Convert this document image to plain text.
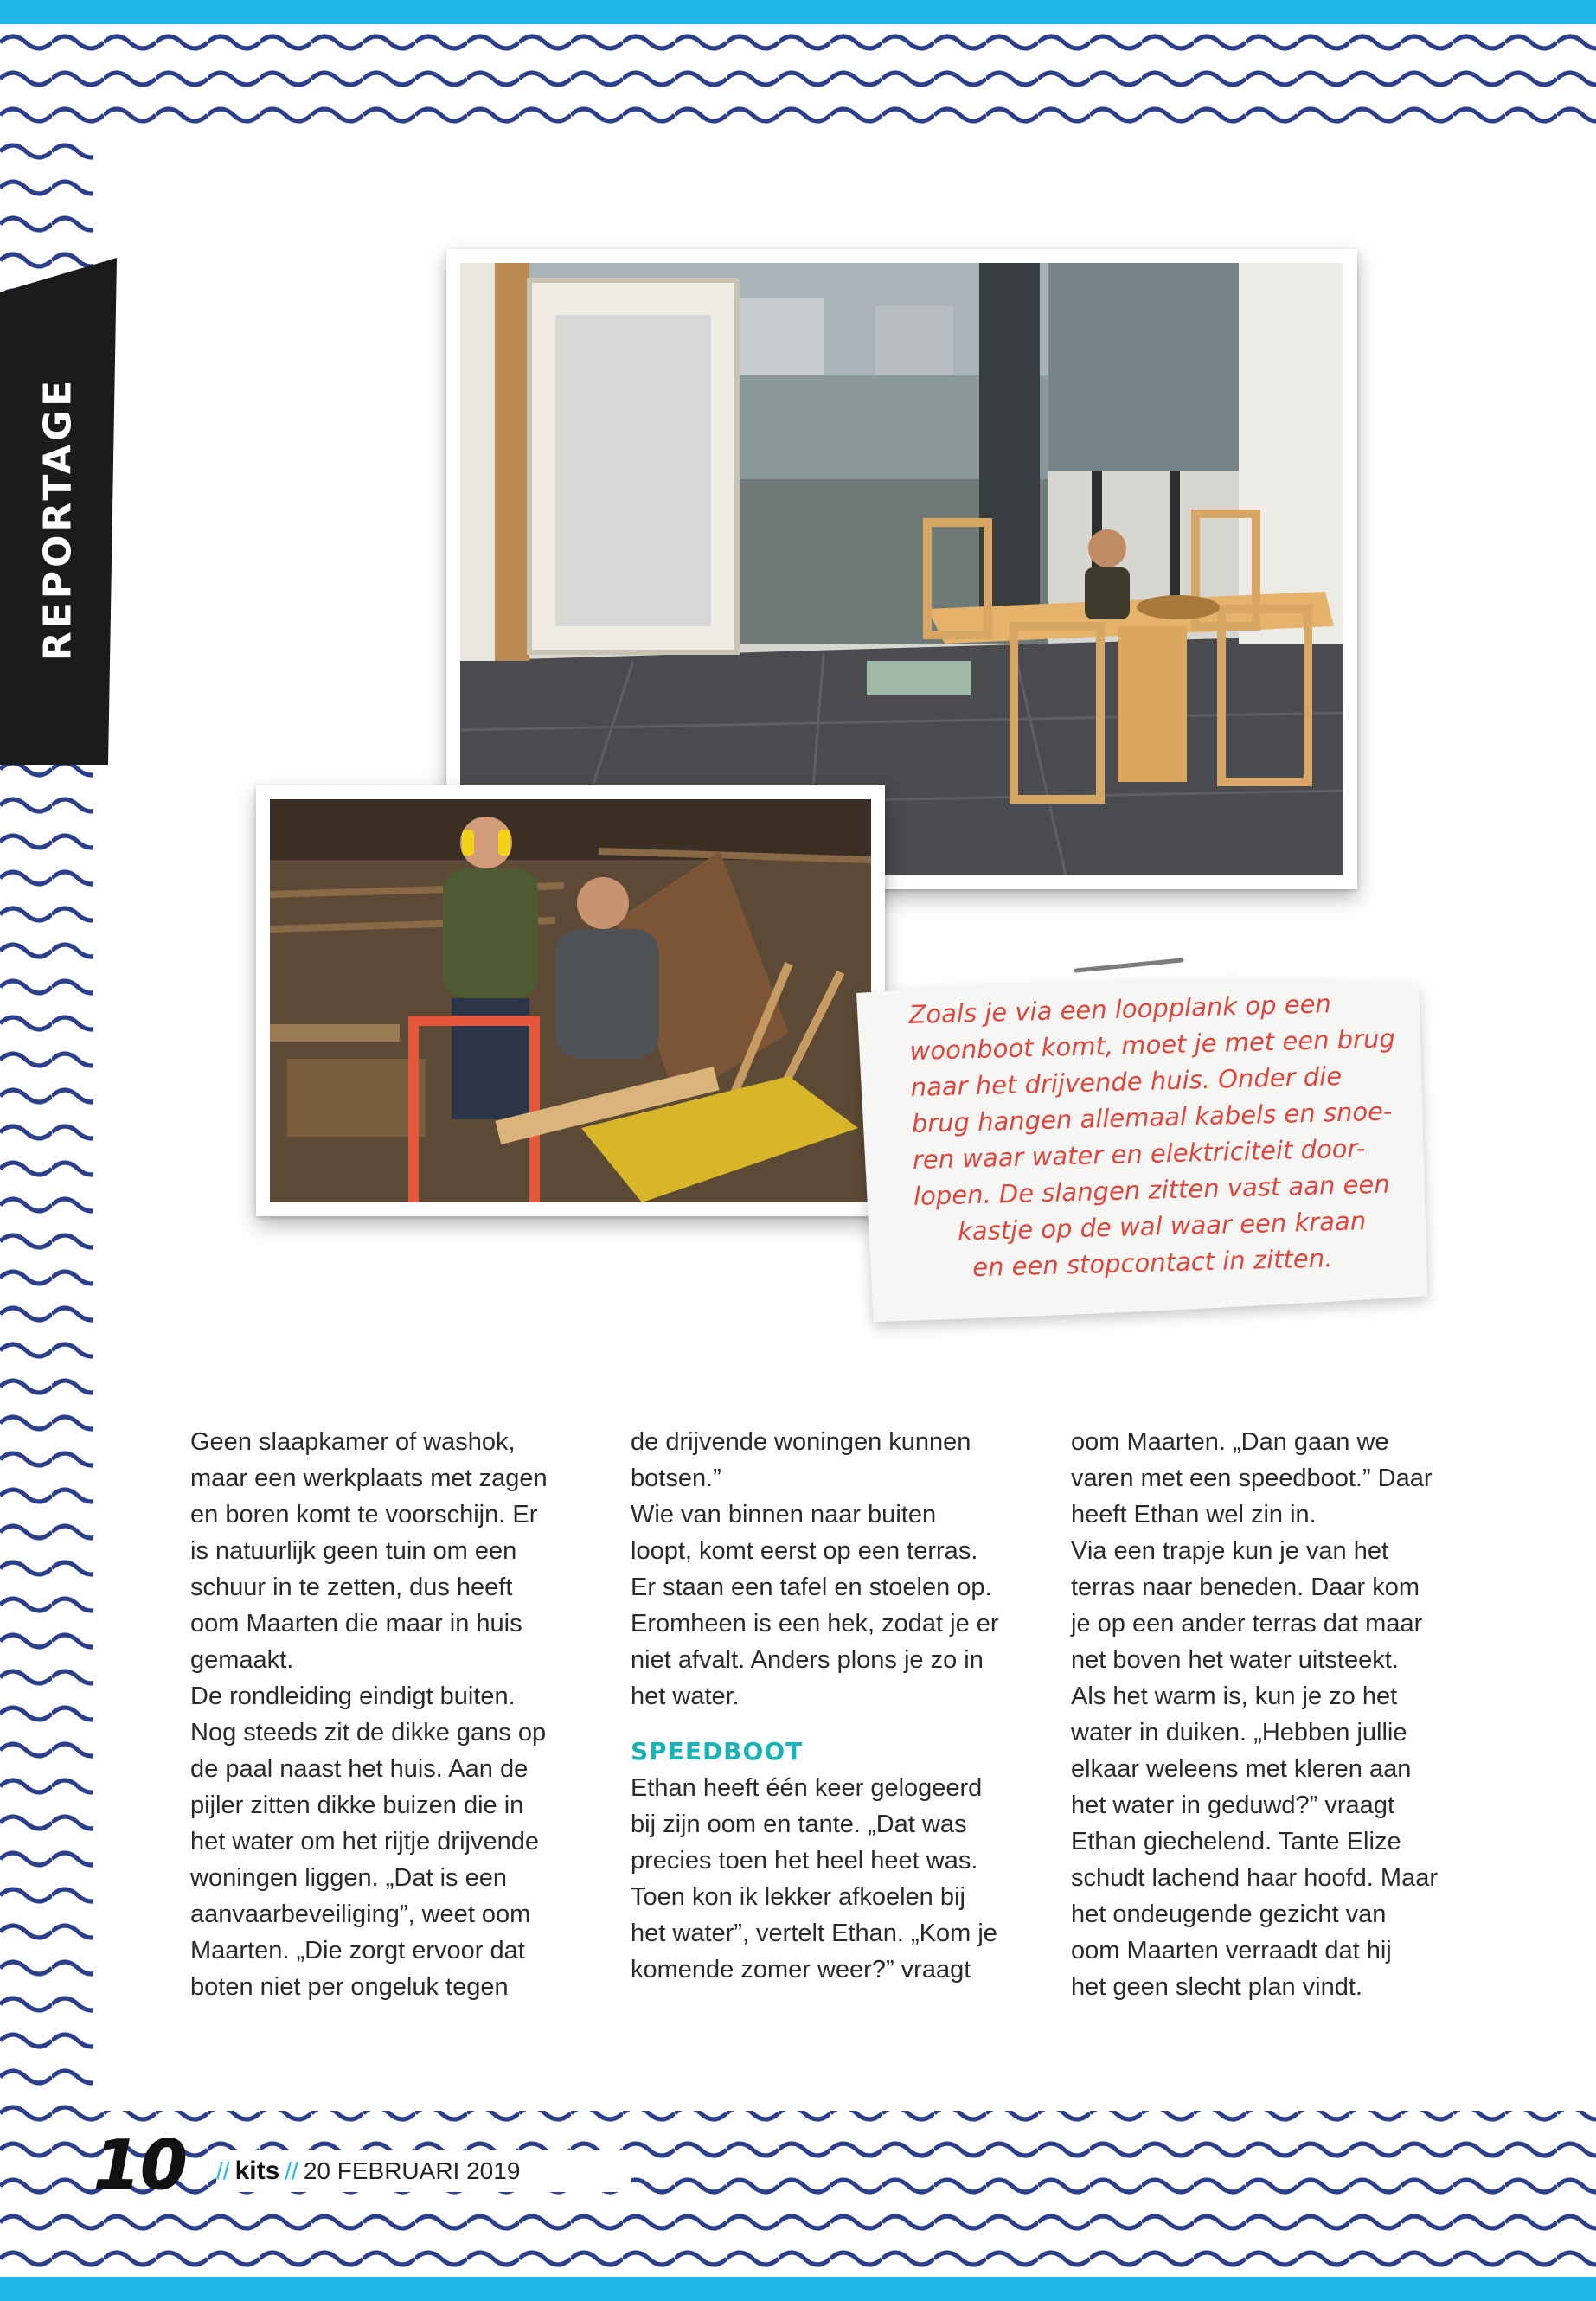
REPORTAGE
Zoals je via een loopplank op een
woonboot komt, moet je met een brug
naar het drijvende huis. Onder die
brug hangen allemaal kabels en snoe-
ren waar water en elektriciteit door-
lopen. De slangen zitten vast aan een
kastje op de wal waar een kraan
en een stopcontact in zitten.
Geen slaapkamer of washok,
maar een werkplaats met zagen
en boren komt te voorschijn. Er
is natuurlijk geen tuin om een
schuur in te zetten, dus heeft
oom Maarten die maar in huis
gemaakt.
De rondleiding eindigt buiten.
Nog steeds zit de dikke gans op
de paal naast het huis. Aan de
pijler zitten dikke buizen die in
het water om het rijtje drijvende
woningen liggen. „Dat is een
aanvaarbeveiliging”, weet oom
Maarten. „Die zorgt ervoor dat
boten niet per ongeluk tegen
de drijvende woningen kunnen
botsen.”
Wie van binnen naar buiten
loopt, komt eerst op een terras.
Er staan een tafel en stoelen op.
Eromheen is een hek, zodat je er
niet afvalt. Anders plons je zo in
het water.
SPEEDBOOT
Ethan heeft één keer gelogeerd
bij zijn oom en tante. „Dat was
precies toen het heel heet was.
Toen kon ik lekker afkoelen bij
het water”, vertelt Ethan. „Kom je
komende zomer weer?” vraagt
oom Maarten. „Dan gaan we
varen met een speedboot.” Daar
heeft Ethan wel zin in.
Via een trapje kun je van het
terras naar beneden. Daar kom
je op een ander terras dat maar
net boven het water uitsteekt.
Als het warm is, kun je zo het
water in duiken. „Hebben jullie
elkaar weleens met kleren aan
het water in geduwd?” vraagt
Ethan giechelend. Tante Elize
schudt lachend haar hoofd. Maar
het ondeugende gezicht van
oom Maarten verraadt dat hij
het geen slecht plan vindt.
10 // kits // 20 FEBRUARI 2019
